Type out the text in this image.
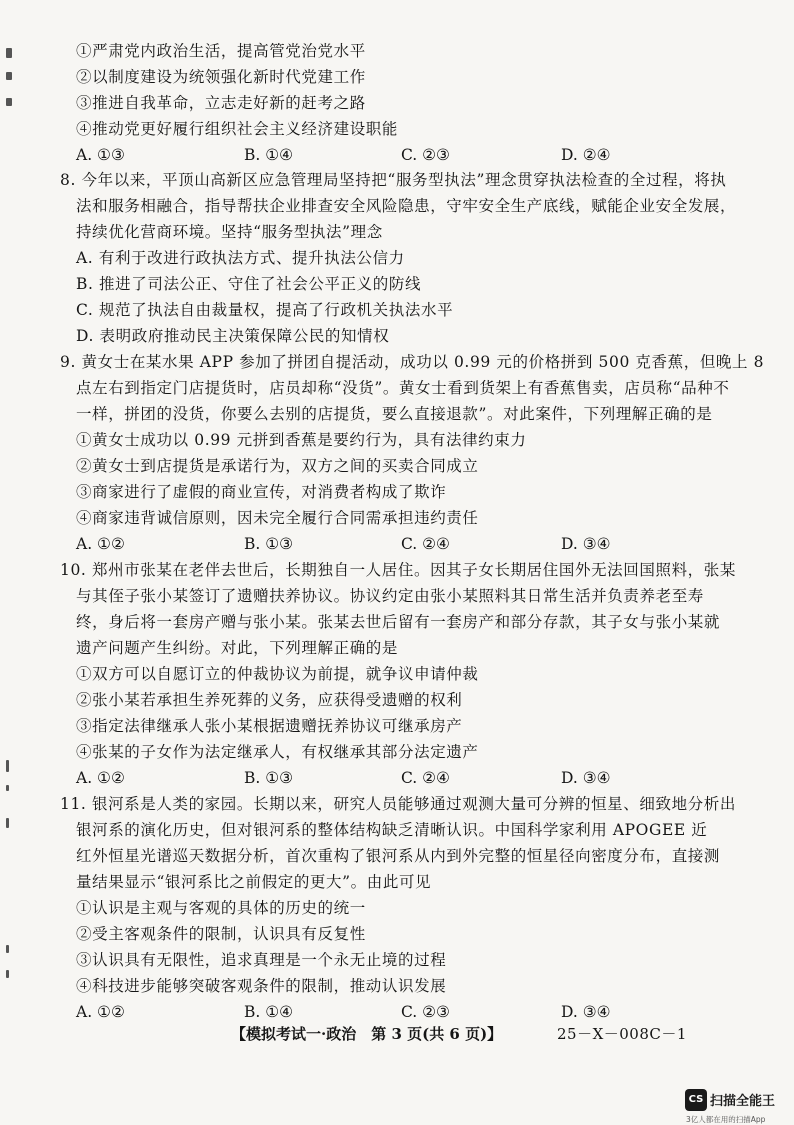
①严肃党内政治生活，提高管党治党水平
②以制度建设为统领强化新时代党建工作
③推进自我革命，立志走好新的赶考之路
④推动党更好履行组织社会主义经济建设职能
A. ①③	B. ①④	C. ②③	D. ②④
8. 今年以来，平顶山高新区应急管理局坚持把“服务型执法”理念贯穿执法检查的全过程，将执
法和服务相融合，指导帮扶企业排查安全风险隐患，守牢安全生产底线，赋能企业安全发展，
持续优化营商环境。坚持“服务型执法”理念
A. 有利于改进行政执法方式、提升执法公信力
B. 推进了司法公正、守住了社会公平正义的防线
C. 规范了执法自由裁量权，提高了行政机关执法水平
D. 表明政府推动民主决策保障公民的知情权
9. 黄女士在某水果 APP 参加了拼团自提活动，成功以 0.99 元的价格拼到 500 克香蕉，但晚上 8
点左右到指定门店提货时，店员却称“没货”。黄女士看到货架上有香蕉售卖，店员称“品种不
一样，拼团的没货，你要么去别的店提货，要么直接退款”。对此案件，下列理解正确的是
①黄女士成功以 0.99 元拼到香蕉是要约行为，具有法律约束力
②黄女士到店提货是承诺行为，双方之间的买卖合同成立
③商家进行了虚假的商业宣传，对消费者构成了欺诈
④商家违背诚信原则，因未完全履行合同需承担违约责任
A. ①②	B. ①③	C. ②④	D. ③④
10. 郑州市张某在老伴去世后，长期独自一人居住。因其子女长期居住国外无法回国照料，张某
与其侄子张小某签订了遗赠扶养协议。协议约定由张小某照料其日常生活并负责养老至寿
终，身后将一套房产赠与张小某。张某去世后留有一套房产和部分存款，其子女与张小某就
遗产问题产生纠纷。对此，下列理解正确的是
①双方可以自愿订立的仲裁协议为前提，就争议申请仲裁
②张小某若承担生养死葬的义务，应获得受遗赠的权利
③指定法律继承人张小某根据遗赠抚养协议可继承房产
④张某的子女作为法定继承人，有权继承其部分法定遗产
A. ①②	B. ①③	C. ②④	D. ③④
11. 银河系是人类的家园。长期以来，研究人员能够通过观测大量可分辨的恒星、细致地分析出
银河系的演化历史，但对银河系的整体结构缺乏清晰认识。中国科学家利用 APOGEE 近
红外恒星光谱巡天数据分析，首次重构了银河系从内到外完整的恒星径向密度分布，直接测
量结果显示“银河系比之前假定的更大”。由此可见
①认识是主观与客观的具体的历史的统一
②受主客观条件的限制，认识具有反复性
③认识具有无限性，追求真理是一个永无止境的过程
④科技进步能够突破客观条件的限制，推动认识发展
A. ①②	B. ①④	C. ②③	D. ③④
【模拟考试一·政治　第 3 页(共 6 页)】	25－X－008C－1
CS 扫描全能王
3亿人都在用的扫描App
